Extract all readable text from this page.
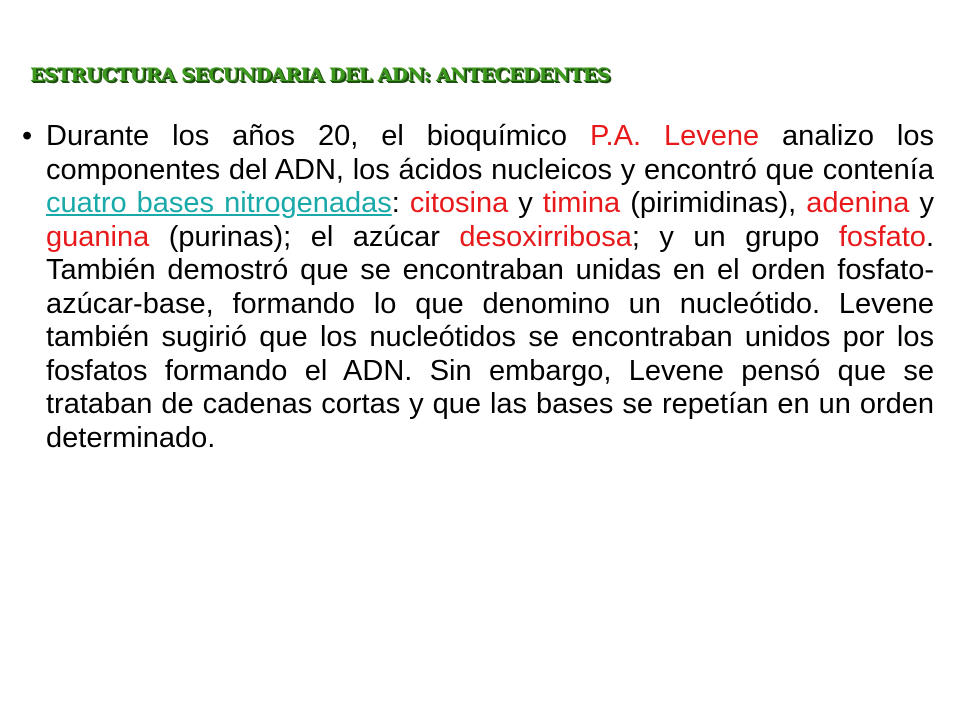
ESTRUCTURA SECUNDARIA DEL ADN: ANTECEDENTES
• Durante los años 20, el bioquímico P.A. Levene analizo los componentes del ADN, los ácidos nucleicos y encontró que contenía cuatro bases nitrogenadas: citosina y timina (pirimidinas), adenina y guanina (purinas); el azúcar desoxirribosa; y un grupo fosfato. También demostró que se encontraban unidas en el orden fosfato-azúcar-base, formando lo que denomino un nucleótido. Levene también sugirió que los nucleótidos se encontraban unidos por los fosfatos formando el ADN. Sin embargo, Levene pensó que se trataban de cadenas cortas y que las bases se repetían en un orden determinado.
